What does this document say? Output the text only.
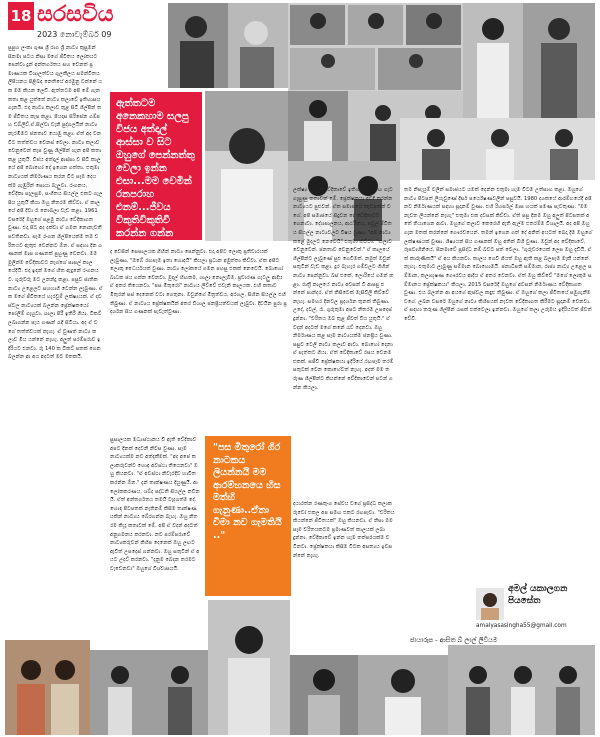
18 සරසවිය
2023 නොවැම්බර් 09
සුපුහ ලංකා ගුණ ශ්‍රී රාග ශ්‍රී නාට්‍ය කුසුමන් සිනමා පටය නිසා මගේ ජීවිතය ලෝකයට පෙන්වා දුන් අන්තර්ගතය සහ වෙනත් ප්‍රමාණයක විශාලත්වය ගුලකීලය සමන්විතය ලිපියනය පිළිබඳ නෙතියේ අරමුනු වන්නේ යක මම කියන ලෙඩි. ඇත්තටම අපි මේ ගැන කතා කළ යුත්තේ නාට්‍ය කලාවේ ඉතිහාසය ගැනයි. එදා නාට්‍ය කලාව තුළ සිටි ශිල්පීන් තම ජීවිතය කැප කළා. පියදාස සිරිසේන ගම්පහ ඩබ්ලිව්.ඒ.සිල්වා වැනි පුද්ගලයින් නාට්‍ය නැරඹීමට ජනතාව යොමු කළා. ඒත් අද වන විට තත්ත්වය වෙනස් වෙලා. නාට්‍ය කලාව වෙනුවෙන් කැප වුණු ශිල්පීන් ගැන අපි කතා කළ යුතුයි. විජය අත්දාල් ආස්සා ව සිටි කාලයේ අපි බොහෝ දේ ඉගෙන ගත්තා. එතුමා නාට්‍යයක් නිර්මාණය කරන විට සෑම දෙයක්ම ගැඹුරින් සොයා බැලුවා. රංගනය, වේදිකා සැලසුම, සංගීතය සියල්ල එකට ගැලපිය යුතුයි කියා ඔහු නිතරම කිව්වා. ඒ කාලයේ අපි දිවා රෑ නොබලා වැඩ කළා. 1961 වසරේදී ඔහුගේ පළමු නාට්‍ය වේදිකාගත වුණා. එදා සිට අද දක්වා ඒ ගමන නොනැවතී පවතිනවා. සෑම රංගන ශිල්පියෙක්ම තම චරිතයට ඇතුළු වෙන්නට ඕන. ඒ සඳහා දින ගණනක් මාස ගණනක් පුහුණු වෙනවා. මම මුලින්ම වේදිකාවට නැග්ගේ පාසල් කාලයේදීයි. එදා ඉඳන් මගේ හිත ඇදුනේ රංගනයට. ගුරුවරු මට උනන්දු කළා. පසුව ජාතික නාට්‍ය උළෙලට සහභාගී වෙන්න ලැබුණා. ඒක මගේ ජීවිතයේ හැරවුම් ලක්ෂ්‍යයක්. ඒ දවස්වල නාට්‍යයක් බලන්න ප්‍රේක්ෂකයෝ පෝලිම් ගැහුවා. ශාලා පිරී ඉතිරී ගියා. ටිකට් ලබාගන්න පැය ගණන් රැඳී සිටියා. අද ඒ වගේ තත්ත්වයක් නැහැ. ඒ වුණත් නාට්‍ය කලාව මිය යන්නේ නැහැ. අලුත් පරම්පරාව ඉදිරියට එනවා. රු 140 ක ටිකට් පතක් ගෙන බලන්න ආ අය අදටත් මට මතකයි.
ඇත්තටම අනෙකහාම සලපු විජය අත්දාල් ආස්සා ව සිට ඔහුගේ පෙන්නත්තු වෙලා ඉන්න එසා...මම වෙමින් රනපරාහ එනම්...ජීවය විකුතිවිකුතිවී කරන්න ගන්න කියලා..
ද වෙසින් සෙසාලයක ගිහින් නාට්‍ය පෙන්නුවා. එදා අපිට ලොකු ප්‍රතිචාරයක් ලැබුණා. "ඔබේ රඟපෑම ඉතා හොඳයි" කියලා ප්‍රධාන අමුත්තා කිව්වා. ඒක අපිට ලොකු ධෛර්යයක් වුණා. නාට්‍ය ලෝකයේ ගමන පහසු එකක් නෙවෙයි. බොහෝ බාධක ජය ගන්න වෙනවා. මුදල් හිඟකම, ශාලා නොලැබීම, ප්‍රචාරණ ගැටලු ආදිය ඒ අතර තියෙනවා. "පස මිතුරෝ" නාට්‍යය ලිව්වේ එවැනි කාලයක. එහි කතාව මිතුරන් පස් දෙනෙක් වටා ගෙතුනා. ඔවුන්ගේ මිත්‍රත්වය, අරගල, සිහින සියල්ල එහි තිබුණා. ඒ නාට්‍යය ප්‍රේක්ෂකයින් අතර විශාල ජනප්‍රියත්වයක් ලැබුවා. දිවයින පුරා ප්‍රදර්ශන සිය ගණනක් පැවැත්වුණා.
සුසාලයක මධ්‍යස්ථානය වී ඇති වේදිකාව අපට දිනක් දෙවනි නිවස වුණා. සෑම නාට්‍යයක්ම නව අත්දැකීමක්. "අද අපේ කලාකරුවන්ට හොඳ අවස්ථා තියෙනවා" ඔහු කියනවා. "ඒ අවස්ථා නිවැරදිව භාවිත කරන්න ඕන." දැන් තාක්ෂණය දියුණුයි. ආලෝකකරණය, ශබ්ද පද්ධති සියල්ල නවීනයි. ඒත් අන්තර්ගතය තමයි වැදගත්ම දේ. හොඳ පිටපතක් නැතිනම් කිසිම තාක්ෂණයකින් නාට්‍යය බේරගන්න බැහැ. ඔහු නිතරම කියූ කතාවක් මේ. අපි ඒ වදන් අදටත් අනුගමනය කරනවා. නව පරම්පරාවේ නාට්‍යකරුවන් කිහිප දෙනෙක් ඔහු ලඟට ඇවිත් උපදෙස් ගන්නවා. ඔහු සතුටින් ඒ අයට උදව් කරනවා. "දැනුම බෙදන තරමට වැඩෙනවා" ඔහුගේ විශ්වාසයයි.
ලක්ෂ්‍ය සිංහල වේදිකාවේ ඉතිහාසය සමඟ ගැට ගැසුණු කතාවක් මේ. ප්‍රේක්ෂකයා අවදි කරන්න නාට්‍යයට පුළුවන්. ඒක සමාජයේ කැඩපතක් වගේ. අපි සමාජයේ සිදුවන දේ වේදිකාවට ගෙනාවා. දේශපාලනය, ආර්ථිකය, පවුල් ජීවිතය සියල්ල නාට්‍යවලට විෂය වුණා. "අපි නාට්‍ය කළේ මුදලට නෙවෙයි" එතුමා කිව්වා. "කලාව වෙනුවෙන්. ජනතාව වෙනුවෙන්." ඒ කාලයේ ශිල්පීන්ට ලැබුණේ සුළු ගෙවීමක්. නමුත් ඔවුන් සතුටින් වැඩ කළා. දුර බැහැර ගම්වලට ගිහින් නාට්‍ය පෙන්නුවා. බස් එකේ, ලොරියේ ගමන් කළා. රාත්‍රී කාලයේ නාට්‍ය අවසන් වී ආපසු එන්නේ පාන්දර. ඒත් කිසිවෙක් මැසිවිලි කිව්වේ නැහැ. සමහර දිනවල ප්‍රදර්ශන තුනක් තිබුණා. උදේ, දවල්, රෑ. ගුරුතුමා අපට නිතරම උපදෙස් දුන්නා. "චරිතය ඔබ තුළ ජීවත් විය යුතුයි." ඒ වදන් අදටත් මගේ කනේ රැව් දෙනවා. ඔහු නිර්මාණය කළ සෑම නාට්‍යයක්ම ජනප්‍රිය වුණා. පසුව ටෙලි නාට්‍ය කලාව ආවා. බොහෝ දෙනා ඒ පැත්තට ගියා. ඒත් වේදිකාවේ රසය වෙනම එකක්. සජීවී ප්‍රේක්ෂකයා ඉදිරියේ රඟපෑම තරම් සතුටක් වෙන කොහේවත් නැහැ. අදත් මම තරුණ ශිල්පීන්ට කියන්නේ වේදිකාවෙන් පටන් ගන්න කියලා.
තම නිපැයුම් වලින් සමාජයට යමක් දෙන්න එතුමා හැම විටම උත්සාහ කළා. ඔහුගේ නාට්‍ය පිටපත් ලියැවුණේ දීර්ඝ පර්යේෂණවලින් පසුවයි. 1980 දශකයේ ආරම්භයේදී අපි නව නිර්මාණයක් සඳහා සූදානම් වුණා. එහි රිහර්සල් මාස හයක් පමණ පැවතුණා. "මම නැවත ලියන්නේ නැහැ" එතුමා එක දවසක් කිව්වා. ඒත් පසු දිනම ඔහු අලුත් පිටපතක් අතේ තියාගෙන ආවා. ඔහුගේ කලාව කෙරෙහි ඇති ඇල්ම එතරම්ම විශාලයි. අද අපි ඔහු ගැන මතක් කරන්නේ ගෞරවයෙන්. තමන් ඉගෙන ගත් දේ අනිත් අයටත් බෙදා දීම ඔහුගේ ලක්ෂණයක් වුණා. ශිෂ්‍යයන් සිය ගණනක් ඔහු අතින් බිහි වුණා. ඔවුන් අද වේදිකාවේ, රූපවාහිනියේ, සිනමාවේ ප්‍රසිද්ධ නම් බවට පත් වෙලා. "ගුරුවරයෙක් ලෙස ඔහු දැඩියි, ඒත් කාරුණිකයි" ඒ අය කියනවා. කාලය ගෙවී ගියත් ඔහු ඇති කළ බලපෑම මැකී යන්නේ නැහැ. එතුමාට ලැබුණු සම්මාන බොහොමයි. ජනාධිපති සම්මාන, රාජ්‍ය නාට්‍ය උළෙල සම්මාන, කලාභූෂණ ගෞරවය ආදිය ඒ අතර වෙනවා. ඒත් ඔහු කිව්වේ "මගේ ලොකුම සම්මානය ප්‍රේක්ෂකයා" කියලා. 2015 වසරේදී ඔහුගේ අවසන් නිර්මාණය වේදිකාගත වුණා. එය බලන්න ආ අයගේ ඇස්වල කඳුළු තිබුණා. ඒ ඔහුගේ කලා ජීවිතයේ සමුගැනීම වගේ. ලබන වසරේ ඔහුගේ නාට්‍ය කිහිපයක් නැවත වේදිකාගත කිරීමට සූදානම් වෙනවා. ඒ සඳහා තරුණ ශිල්පීන් රැසක් එක්වෙලා ඉන්නවා. ඔහුගේ කලා උරුමය ඉදිරියටත් ජීවත් වේවි.
"පස මිතුරෝ ගිර නාටකය ලියන්නයි මම ආරම්භනයෙ හිස මත්හි ගැනුණා..ඒතා වීමා නව ගැමතියි .."
දයාරත්න රණතුංග සේවය වගේ ප්‍රසිද්ධ කලාකරුවෝ එකල අප සමඟ එකට රඟපෑවා. "චරිතය කියන්නේ ජීවිතයක්" ඔහු කියනවා. ඒ නිසා මම සෑම චරිතයකටම ප්‍රමාණවත් කාලයක් ලබා දුන්නා. වේදිකාවේ ඉන්න හැම තත්පරයක්ම වටිනවා. ප්‍රේක්ෂකයා කිසිම විටක අසත්‍යය ඉවසන්නේ නැහැ.
අමල් යකාලගන පියසේත
amalyasasingha55@gmail.com
ජායාරූප - ආසිත බ් ලාල් ලිවියම
